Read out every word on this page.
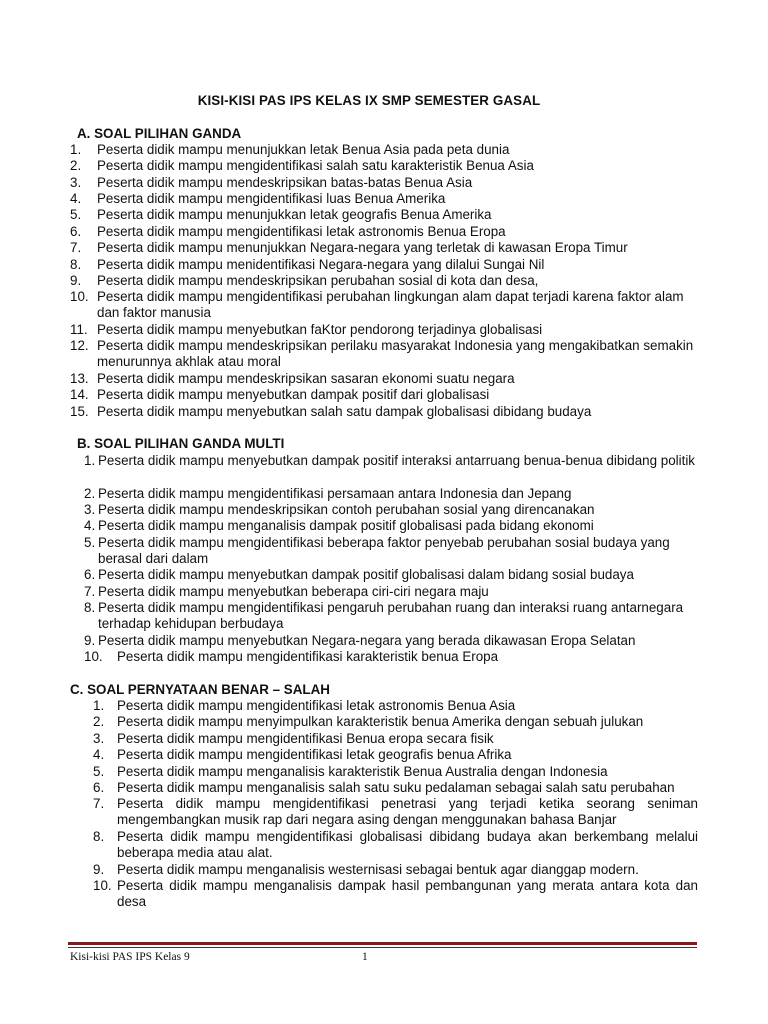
KISI-KISI PAS IPS KELAS IX SMP SEMESTER GASAL
A. SOAL PILIHAN GANDA
1. Peserta didik mampu menunjukkan letak Benua Asia pada peta dunia
2. Peserta didik mampu mengidentifikasi salah satu karakteristik Benua Asia
3. Peserta didik mampu mendeskripsikan batas-batas Benua Asia
4. Peserta didik mampu mengidentifikasi luas Benua Amerika
5. Peserta didik mampu menunjukkan letak geografis Benua Amerika
6. Peserta didik mampu mengidentifikasi letak astronomis Benua Eropa
7. Peserta didik mampu menunjukkan Negara-negara yang terletak di kawasan Eropa Timur
8. Peserta didik mampu menidentifikasi Negara-negara yang dilalui Sungai Nil
9. Peserta didik mampu mendeskripsikan perubahan sosial di kota dan desa,
10. Peserta didik mampu mengidentifikasi perubahan lingkungan alam dapat terjadi karena faktor alam dan faktor manusia
11. Peserta didik mampu menyebutkan faKtor pendorong terjadinya globalisasi
12. Peserta didik mampu mendeskripsikan perilaku masyarakat Indonesia yang mengakibatkan semakin menurunnya akhlak atau moral
13. Peserta didik mampu mendeskripsikan sasaran ekonomi suatu negara
14. Peserta didik mampu menyebutkan dampak positif dari globalisasi
15. Peserta didik mampu menyebutkan salah satu dampak globalisasi dibidang budaya
B. SOAL PILIHAN GANDA MULTI
1. Peserta didik mampu menyebutkan dampak positif interaksi antarruang benua-benua dibidang politik
2. Peserta didik mampu mengidentifikasi persamaan antara Indonesia dan Jepang
3. Peserta didik mampu mendeskripsikan contoh perubahan sosial yang direncanakan
4. Peserta didik mampu menganalisis dampak positif globalisasi pada bidang ekonomi
5. Peserta didik mampu mengidentifikasi beberapa faktor penyebab perubahan sosial budaya yang berasal dari dalam
6. Peserta didik mampu menyebutkan dampak positif globalisasi dalam bidang sosial budaya
7. Peserta didik mampu menyebutkan beberapa ciri-ciri negara maju
8. Peserta didik mampu mengidentifikasi pengaruh perubahan ruang dan interaksi ruang antarnegara terhadap kehidupan berbudaya
9. Peserta didik mampu menyebutkan Negara-negara yang berada dikawasan Eropa Selatan
10. Peserta didik mampu mengidentifikasi karakteristik benua Eropa
C. SOAL PERNYATAAN BENAR – SALAH
1. Peserta didik mampu mengidentifikasi letak astronomis Benua Asia
2. Peserta didik mampu menyimpulkan karakteristik benua Amerika dengan sebuah julukan
3. Peserta didik mampu mengidentifikasi Benua eropa secara fisik
4. Peserta didik mampu mengidentifikasi letak geografis benua Afrika
5. Peserta didik mampu menganalisis karakteristik Benua Australia dengan Indonesia
6. Peserta didik mampu menganalisis salah satu suku pedalaman sebagai salah satu perubahan
7. Peserta didik mampu mengidentifikasi penetrasi yang terjadi ketika seorang seniman mengembangkan musik rap dari negara asing dengan menggunakan bahasa Banjar
8. Peserta didik mampu mengidentifikasi globalisasi dibidang budaya akan berkembang melalui beberapa media atau alat.
9. Peserta didik mampu menganalisis westernisasi sebagai bentuk agar dianggap modern.
10. Peserta didik mampu menganalisis dampak hasil pembangunan yang merata antara kota dan desa
Kisi-kisi PAS IPS Kelas 9	1
